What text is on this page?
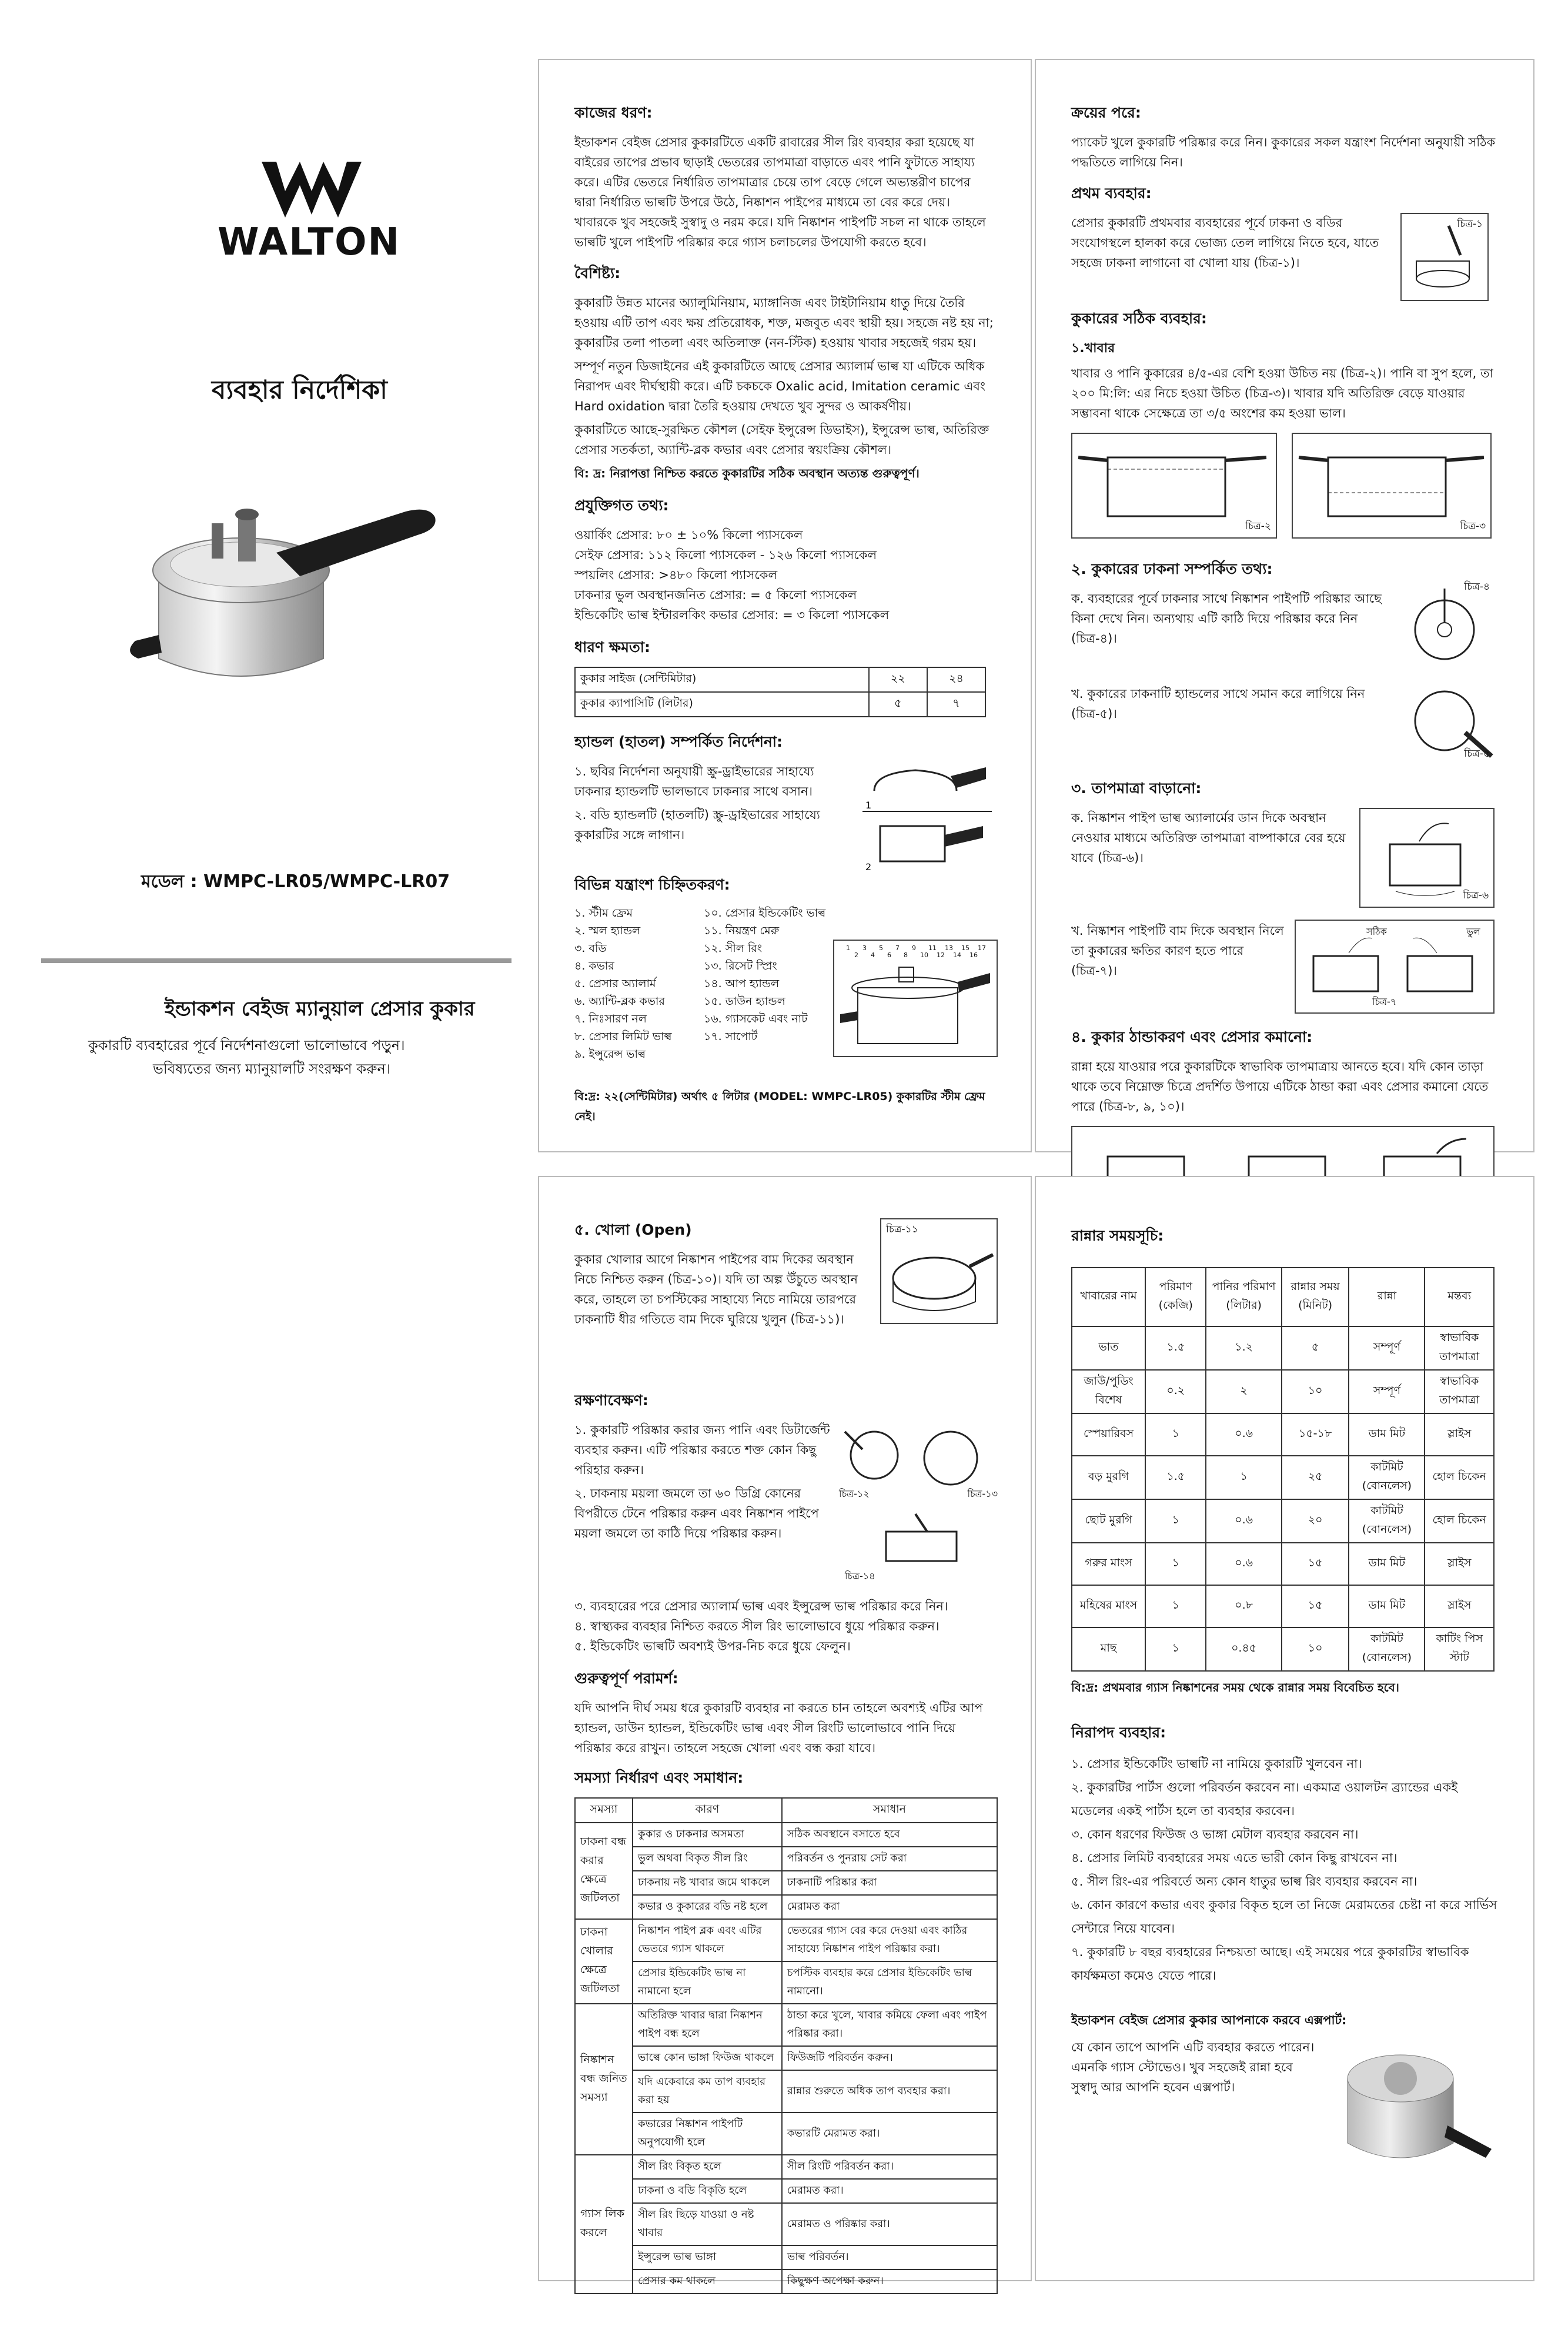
WALTON
ব্যবহার নির্দেশিকা
মডেল : WMPC-LR05/WMPC-LR07
ইন্ডাকশন বেইজ ম্যানুয়াল প্রেসার কুকার
কুকারটি ব্যবহারের পূর্বে নির্দেশনাগুলো ভালোভাবে পড়ুন।
ভবিষ্যতের জন্য ম্যানুয়ালটি সংরক্ষণ করুন।
কাজের ধরণ:
ইন্ডাকশন বেইজ প্রেসার কুকারটিতে একটি রাবারের সীল রিং ব্যবহার করা হয়েছে যা বাইরের তাপের প্রভাব ছাড়াই ভেতরের তাপমাত্রা বাড়াতে এবং পানি ফুটাতে সাহায্য করে। এটির ভেতরে নির্ধারিত তাপমাত্রার চেয়ে তাপ বেড়ে গেলে অভ্যন্তরীণ চাপের দ্বারা নির্ধারিত ভাল্বটি উপরে উঠে, নিষ্কাশন পাইপের মাধ্যমে তা বের করে দেয়। খাবারকে খুব সহজেই সুস্বাদু ও নরম করে। যদি নিষ্কাশন পাইপটি সচল না থাকে তাহলে ভাল্বটি খুলে পাইপটি পরিষ্কার করে গ্যাস চলাচলের উপযোগী করতে হবে।
বৈশিষ্ট্য:
কুকারটি উন্নত মানের অ্যালুমিনিয়াম, ম্যাঙ্গানিজ এবং টাইটানিয়াম ধাতু দিয়ে তৈরি হওয়ায় এটি তাপ এবং ক্ষয় প্রতিরোধক, শক্ত, মজবুত এবং স্থায়ী হয়। সহজে নষ্ট হয় না; কুকারটির তলা পাতলা এবং অতিলাক্ত (নন-স্টিক) হওয়ায় খাবার সহজেই গরম হয়।
সম্পূর্ণ নতুন ডিজাইনের এই কুকারটিতে আছে প্রেসার অ্যালার্ম ভাল্ব যা এটিকে অধিক নিরাপদ এবং দীর্ঘস্থায়ী করে। এটি চকচকে Oxalic acid, Imitation ceramic এবং Hard oxidation দ্বারা তৈরি হওয়ায় দেখতে খুব সুন্দর ও আকর্ষণীয়।
কুকারটিতে আছে-সুরক্ষিত কৌশল (সেইফ ইন্সুরেন্স ডিভাইস), ইন্সুরেন্স ভাল্ব, অতিরিক্ত প্রেসার সতর্কতা, অ্যান্টি-ব্লক কভার এবং প্রেসার স্বয়ংক্রিয় কৌশল।
বি: দ্র: নিরাপত্তা নিশ্চিত করতে কুকারটির সঠিক অবস্থান অত্যন্ত গুরুত্বপূর্ণ।
প্রযুক্তিগত তথ্য:
ওয়ার্কিং প্রেসার: ৮০ ± ১০% কিলো প্যাসকেল
সেইফ প্রেসার: ১১২ কিলো প্যাসকেল - ১২৬ কিলো প্যাসকেল
স্পয়লিং প্রেসার: >৪৮০ কিলো প্যাসকেল
ঢাকনার ভুল অবস্থানজনিত প্রেসার: = ৫ কিলো প্যাসকেল
ইন্ডিকেটিং ভাল্ব ইন্টারলকিং কভার প্রেসার: = ৩ কিলো প্যাসকেল
ধারণ ক্ষমতা:
কুকার সাইজ (সেন্টিমিটার)	২২	২৪
কুকার ক্যাপাসিটি (লিটার)	৫	৭
হ্যান্ডল (হাতল) সম্পর্কিত নির্দেশনা:
১. ছবির নির্দেশনা অনুযায়ী স্ক্রু-ড্রাইভারের সাহায্যে ঢাকনার হ্যান্ডলটি ভালভাবে ঢাকনার সাথে বসান।
২. বডি হ্যান্ডলটি (হাতলটি) স্ক্রু-ড্রাইভারের সাহায্যে কুকারটির সঙ্গে লাগান।
1
2
বিভিন্ন যন্ত্রাংশ চিহ্নিতকরণ:
১. স্টীম ফ্রেম
২. স্মল হ্যান্ডল
৩. বডি
৪. কভার
৫. প্রেসার অ্যালার্ম
৬. অ্যান্টি-ব্লক কভার
৭. নিঃসারণ নল
৮. প্রেসার লিমিট ভাল্ব
৯. ইন্সুরেন্স ভাল্ব
১০. প্রেসার ইন্ডিকেটিং ভাল্ব
১১. নিয়ন্ত্রণ মেরু
১২. সীল রিং
১৩. রিসেট স্প্রিং
১৪. আপ হ্যান্ডল
১৫. ডাউন হ্যান্ডল
১৬. গ্যাসকেট এবং নাট
১৭. সাপোর্ট
1
2
3
4
5
6
7
8
9
10
11
12
13
14
15
16
17
বি:দ্র: ২২(সেন্টিমিটার) অর্থাৎ ৫ লিটার (MODEL: WMPC-LR05) কুকারটির স্টীম ফ্রেম নেই।
ক্রয়ের পরে:
প্যাকেট খুলে কুকারটি পরিষ্কার করে নিন। কুকারের সকল যন্ত্রাংশ নির্দেশনা অনুযায়ী সঠিক পদ্ধতিতে লাগিয়ে নিন।
প্রথম ব্যবহার:
প্রেসার কুকারটি প্রথমবার ব্যবহারের পূর্বে ঢাকনা ও বডির সংযোগস্থলে হালকা করে ভোজ্য তেল লাগিয়ে নিতে হবে, যাতে সহজে ঢাকনা লাগানো বা খোলা যায় (চিত্র-১)।
চিত্র-১
কুকারের সঠিক ব্যবহার:
১.খাবার
খাবার ও পানি কুকারের ৪/৫-এর বেশি হওয়া উচিত নয় (চিত্র-২)। পানি বা সুপ হলে, তা ২০০ মি:লি: এর নিচে হওয়া উচিত (চিত্র-৩)। খাবার যদি অতিরিক্ত বেড়ে যাওয়ার সম্ভাবনা থাকে সেক্ষেত্রে তা ৩/৫ অংশের কম হওয়া ভাল।
চিত্র-২	চিত্র-৩
২. কুকারের ঢাকনা সম্পর্কিত তথ্য:
ক. ব্যবহারের পূর্বে ঢাকনার সাথে নিষ্কাশন পাইপটি পরিষ্কার আছে কিনা দেখে নিন। অন্যথায় এটি কাঠি দিয়ে পরিষ্কার করে নিন (চিত্র-৪)।
খ. কুকারের ঢাকনাটি হ্যান্ডলের সাথে সমান করে লাগিয়ে নিন (চিত্র-৫)।
চিত্র-৪
চিত্র-৫
৩. তাপমাত্রা বাড়ানো:
ক. নিষ্কাশন পাইপ ভাল্ব অ্যালার্মের ডান দিকে অবস্থান নেওয়ার মাধ্যমে অতিরিক্ত তাপমাত্রা বাষ্পাকারে বের হয়ে যাবে (চিত্র-৬)।
চিত্র-৬
খ. নিষ্কাশন পাইপটি বাম দিকে অবস্থান নিলে তা কুকারের ক্ষতির কারণ হতে পারে (চিত্র-৭)।
সঠিক	ভুল
চিত্র-৭
৪. কুকার ঠান্ডাকরণ এবং প্রেসার কমানো:
রান্না হয়ে যাওয়ার পরে কুকারটিকে স্বাভাবিক তাপমাত্রায় আনতে হবে। যদি কোন তাড়া থাকে তবে নিম্নোক্ত চিত্রে প্রদর্শিত উপায়ে এটিকে ঠান্ডা করা এবং প্রেসার কমানো যেতে পারে (চিত্র-৮, ৯, ১০)।
৫. খোলা (Open)
কুকার খোলার আগে নিষ্কাশন পাইপের বাম দিকের অবস্থান নিচে নিশ্চিত করুন (চিত্র-১০)। যদি তা অল্প উঁচুতে অবস্থান করে, তাহলে তা চপস্টিকের সাহায্যে নিচে নামিয়ে তারপরে ঢাকনাটি ধীর গতিতে বাম দিকে ঘুরিয়ে খুলুন (চিত্র-১১)।
চিত্র-১১
রক্ষণাবেক্ষণ:
১. কুকারটি পরিষ্কার করার জন্য পানি এবং ডিটার্জেন্ট ব্যবহার করুন। এটি পরিষ্কার করতে শক্ত কোন কিছু পরিহার করুন।
২. ঢাকনায় ময়লা জমলে তা ৬০ ডিগ্রি কোনের বিপরীতে টেনে পরিষ্কার করুন এবং নিষ্কাশন পাইপে ময়লা জমলে তা কাঠি দিয়ে পরিষ্কার করুন।
চিত্র-১২	চিত্র-১৩
চিত্র-১৪
৩. ব্যবহারের পরে প্রেসার অ্যালার্ম ভাল্ব এবং ইন্সুরেন্স ভাল্ব পরিষ্কার করে নিন।
৪. স্বাস্থ্যকর ব্যবহার নিশ্চিত করতে সীল রিং ভালোভাবে ধুয়ে পরিষ্কার করুন।
৫. ইন্ডিকেটিং ভাল্বটি অবশ্যই উপর-নিচ করে ধুয়ে ফেলুন।
গুরুত্বপূর্ণ পরামর্শ:
যদি আপনি দীর্ঘ সময় ধরে কুকারটি ব্যবহার না করতে চান তাহলে অবশ্যই এটির আপ হ্যান্ডল, ডাউন হ্যান্ডল, ইন্ডিকেটিং ভাল্ব এবং সীল রিংটি ভালোভাবে পানি দিয়ে পরিষ্কার করে রাখুন। তাহলে সহজে খোলা এবং বন্ধ করা যাবে।
সমস্যা নির্ধারণ এবং সমাধান:
সমস্যা	কারণ	সমাধান
ঢাকনা বন্ধ করার ক্ষেত্রে জটিলতা	কুকার ও ঢাকনার অসমতা	সঠিক অবস্থানে বসাতে হবে
	ভুল অথবা বিকৃত সীল রিং	পরিবর্তন ও পুনরায় সেট করা
	ঢাকনায় নষ্ট খাবার জমে থাকলে	ঢাকনাটি পরিষ্কার করা
	কভার ও কুকারের বডি নষ্ট হলে	মেরামত করা
ঢাকনা খোলার ক্ষেত্রে জটিলতা	নিষ্কাশন পাইপ ব্লক এবং এটির ভেতরে গ্যাস থাকলে	ভেতরের গ্যাস বের করে দেওয়া এবং কাঠির সাহায্যে নিষ্কাশন পাইপ পরিষ্কার করা।
	প্রেসার ইন্ডিকেটিং ভাল্ব না নামানো হলে	চপস্টিক ব্যবহার করে প্রেসার ইন্ডিকেটিং ভাল্ব নামানো।
নিষ্কাশন বন্ধ জনিত সমস্যা	অতিরিক্ত খাবার দ্বারা নিষ্কাশন পাইপ বন্ধ হলে	ঠান্ডা করে খুলে, খাবার কমিয়ে ফেলা এবং পাইপ পরিষ্কার করা।
	ভাল্বে কোন ভাঙ্গা ফিউজ থাকলে	ফিউজটি পরিবর্তন করুন।
	যদি একেবারে কম তাপ ব্যবহার করা হয়	রান্নার শুরুতে অধিক তাপ ব্যবহার করা।
	কভারের নিষ্কাশন পাইপটি অনুপযোগী হলে	কভারটি মেরামত করা।
গ্যাস লিক করলে	সীল রিং বিকৃত হলে	সীল রিংটি পরিবর্তন করা।
	ঢাকনা ও বডি বিকৃতি হলে	মেরামত করা।
	সীল রিং ছিড়ে যাওয়া ও নষ্ট খাবার	মেরামত ও পরিষ্কার করা।
	ইন্সুরেন্স ভাল্ব ভাঙ্গা	ভাল্ব পরিবর্তন।
	প্রেসার কম থাকলে	কিছুক্ষণ অপেক্ষা করুন।
রান্নার সময়সূচি:
খাবারের নাম	পরিমাণ (কেজি)	পানির পরিমাণ (লিটার)	রান্নার সময় (মিনিট)	রান্না	মন্তব্য
ভাত	১.৫	১.২	৫	সম্পূর্ণ	স্বাভাবিক তাপমাত্রা
জাউ/পুডিং বিশেষ	০.২	২	১০	সম্পূর্ণ	স্বাভাবিক তাপমাত্রা
স্পেয়ারিবস	১	০.৬	১৫-১৮	ডাম মিট	স্লাইস
বড় মুরগি	১.৫	১	২৫	কাটমিট (বোনলেস)	হোল চিকেন
ছোট মুরগি	১	০.৬	২০	কাটমিট (বোনলেস)	হোল চিকেন
গরুর মাংস	১	০.৬	১৫	ডাম মিট	স্লাইস
মহিষের মাংস	১	০.৮	১৫	ডাম মিট	স্লাইস
মাছ	১	০.৪৫	১০	কাটমিট (বোনলেস)	কাটিং পিস স্টাট
বি:দ্র: প্রথমবার গ্যাস নিষ্কাশনের সময় থেকে রান্নার সময় বিবেচিত হবে।
নিরাপদ ব্যবহার:
১. প্রেসার ইন্ডিকেটিং ভাল্বটি না নামিয়ে কুকারটি খুলবেন না।
২. কুকারটির পার্টস গুলো পরিবর্তন করবেন না। একমাত্র ওয়ালটন ব্র্যান্ডের একই মডেলের একই পার্টস হলে তা ব্যবহার করবেন।
৩. কোন ধরণের ফিউজ ও ভাঙ্গা মেটাল ব্যবহার করবেন না।
৪. প্রেসার লিমিট ব্যবহারের সময় এতে ভারী কোন কিছু রাখবেন না।
৫. সীল রিং-এর পরিবর্তে অন্য কোন ধাতুর ভাল্ব রিং ব্যবহার করবেন না।
৬. কোন কারণে কভার এবং কুকার বিকৃত হলে তা নিজে মেরামতের চেষ্টা না করে সার্ভিস সেন্টারে নিয়ে যাবেন।
৭. কুকারটি ৮ বছর ব্যবহারের নিশ্চয়তা আছে। এই সময়ের পরে কুকারটির স্বাভাবিক কার্যক্ষমতা কমেও যেতে পারে।
ইন্ডাকশন বেইজ প্রেসার কুকার আপনাকে করবে এক্সপার্ট:
যে কোন তাপে আপনি এটি ব্যবহার করতে পারেন। এমনকি গ্যাস স্টোভেও। খুব সহজেই রান্না হবে সুস্বাদু আর আপনি হবেন এক্সপার্ট।
